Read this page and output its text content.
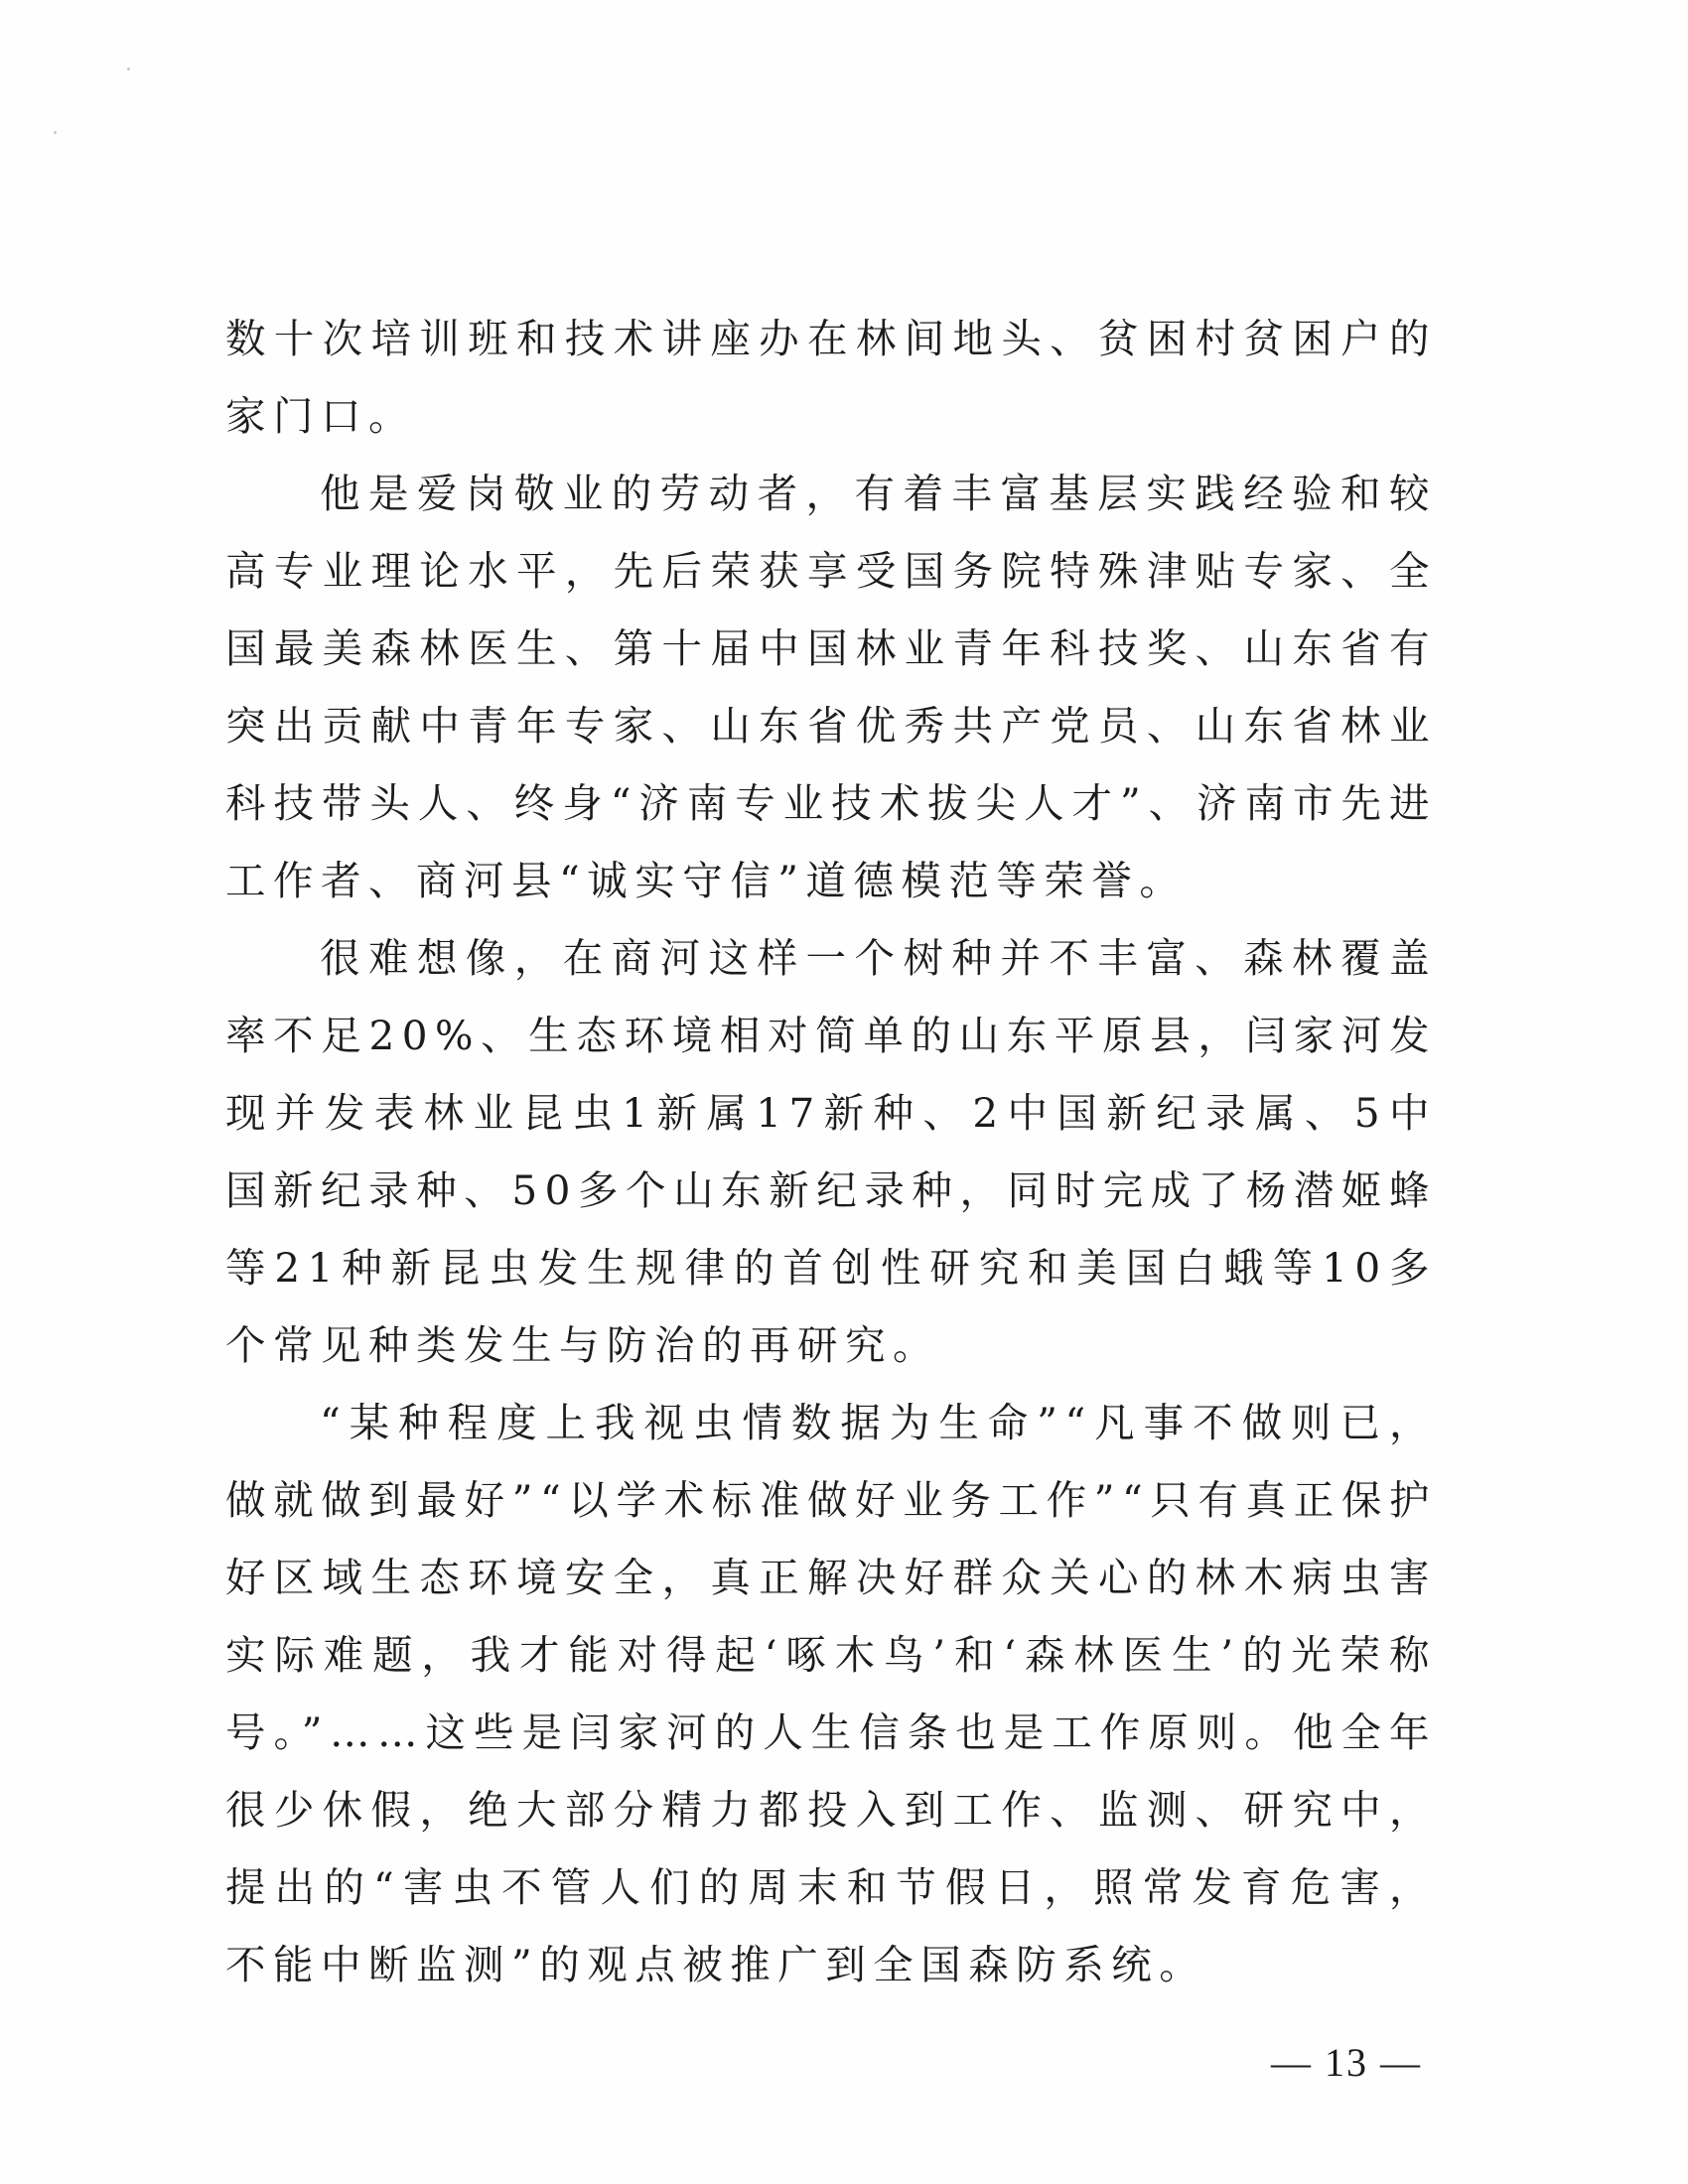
数十次培训班和技术讲座办在林间地头、贫困村贫困户的家门口。

他是爱岗敬业的劳动者，有着丰富基层实践经验和较高专业理论水平，先后荣获享受国务院特殊津贴专家、全国最美森林医生、第十届中国林业青年科技奖、山东省有突出贡献中青年专家、山东省优秀共产党员、山东省林业科技带头人、终身“济南专业技术拔尖人才”、济南市先进工作者、商河县“诚实守信”道德模范等荣誉。

很难想像，在商河这样一个树种并不丰富、森林覆盖率不足20%、生态环境相对简单的山东平原县，闫家河发现并发表林业昆虫1新属17新种、2中国新纪录属、5中国新纪录种、50多个山东新纪录种，同时完成了杨潜姬蜂等21种新昆虫发生规律的首创性研究和美国白蛾等10多个常见种类发生与防治的再研究。

“某种程度上我视虫情数据为生命”“凡事不做则已，做就做到最好”“以学术标准做好业务工作”“只有真正保护好区域生态环境安全，真正解决好群众关心的林木病虫害实际难题，我才能对得起‘啄木鸟’和‘森林医生’的光荣称号。”……这些是闫家河的人生信条也是工作原则。他全年很少休假，绝大部分精力都投入到工作、监测、研究中，提出的“害虫不管人们的周末和节假日，照常发育危害，不能中断监测”的观点被推广到全国森防系统。

— 13 —
